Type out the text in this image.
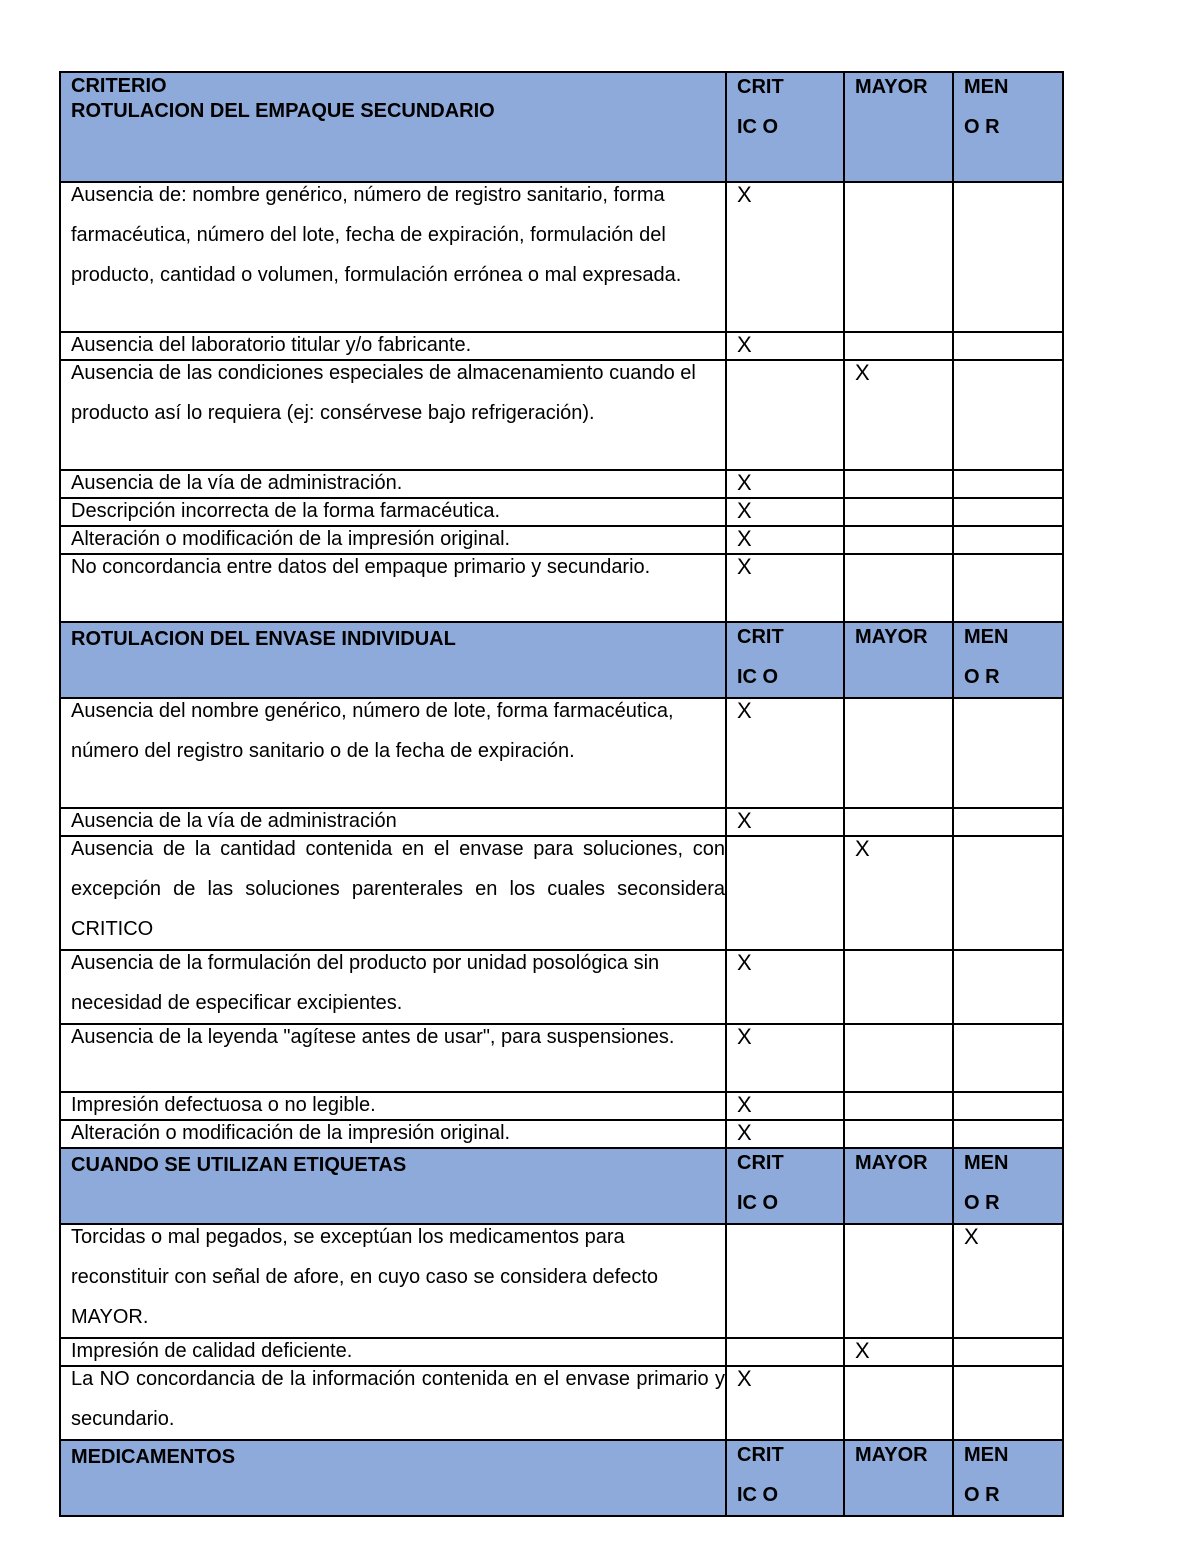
CRITERIO
ROTULACION DEL EMPAQUE SECUNDARIO	CRITIC O	MAYOR	MENO R

Ausencia de: nombre genérico, número de registro sanitario, forma farmacéutica, número del lote, fecha de expiración, formulación del producto, cantidad o volumen, formulación errónea o mal expresada.	X		

Ausencia del laboratorio titular y/o fabricante.	X		

Ausencia de las condiciones especiales de almacenamiento cuando el producto así lo requiera (ej: consérvese bajo refrigeración).		X	

Ausencia de la vía de administración.	X		

Descripción incorrecta de la forma farmacéutica.	X		

Alteración o modificación de la impresión original.	X		

No concordancia entre datos del empaque primario y secundario.	X		

ROTULACION DEL ENVASE INDIVIDUAL	CRITIC O	MAYOR	MENO R

Ausencia del nombre genérico, número de lote, forma farmacéutica, número del registro sanitario o de la fecha de expiración.	X		

Ausencia de la vía de administración	X		

Ausencia de la cantidad contenida en el envase para soluciones, con excepción de las soluciones parenterales en los cuales seconsidera CRITICO		X	

Ausencia de la formulación del producto por unidad posológica sin necesidad de especificar excipientes.	X		

Ausencia de la leyenda "agítese antes de usar", para suspensiones.	X		

Impresión defectuosa o no legible.	X		

Alteración o modificación de la impresión original.	X		

CUANDO SE UTILIZAN ETIQUETAS	CRITIC O	MAYOR	MENO R

Torcidas o mal pegados, se exceptúan los medicamentos para reconstituir con señal de afore, en cuyo caso se considera defecto MAYOR.			X

Impresión de calidad deficiente.		X	

La NO concordancia de la información contenida en el envase primario y secundario.	X		

MEDICAMENTOS	CRITIC O	MAYOR	MENO R
